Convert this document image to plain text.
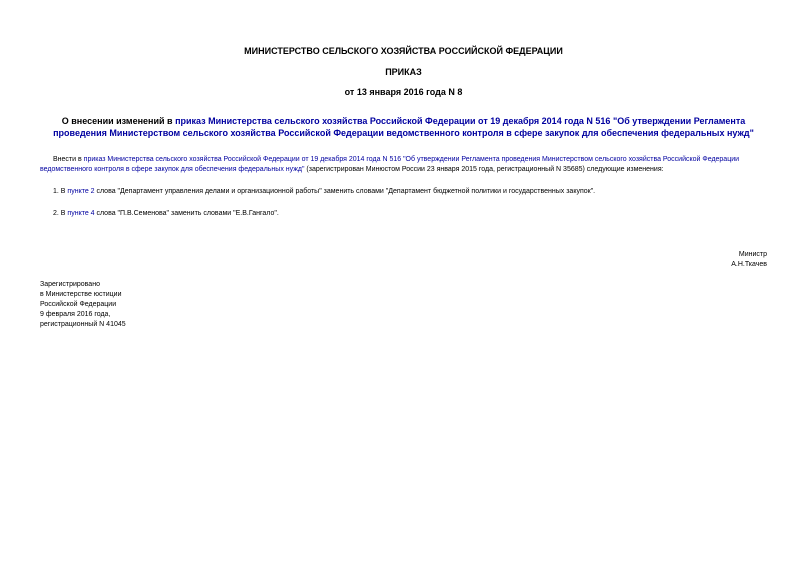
МИНИСТЕРСТВО СЕЛЬСКОГО ХОЗЯЙСТВА РОССИЙСКОЙ ФЕДЕРАЦИИ
ПРИКАЗ
от 13 января 2016 года N 8
О внесении изменений в приказ Министерства сельского хозяйства Российской Федерации от 19 декабря 2014 года N 516 "Об утверждении Регламента проведения Министерством сельского хозяйства Российской Федерации ведомственного контроля в сфере закупок для обеспечения федеральных нужд"
Внести в приказ Министерства сельского хозяйства Российской Федерации от 19 декабря 2014 года N 516 "Об утверждении Регламента проведения Министерством сельского хозяйства Российской Федерации ведомственного контроля в сфере закупок для обеспечения федеральных нужд" (зарегистрирован Минюстом России 23 января 2015 года, регистрационный N 35685) следующие изменения:
1. В пункте 2 слова "Департамент управления делами и организационной работы" заменить словами "Департамент бюджетной политики и государственных закупок".
2. В пункте 4 слова "П.В.Семенова" заменить словами "Е.В.Гангало".
Министр
А.Н.Ткачев
Зарегистрировано
в Министерстве юстиции
Российской Федерации
9 февраля 2016 года,
регистрационный N 41045
